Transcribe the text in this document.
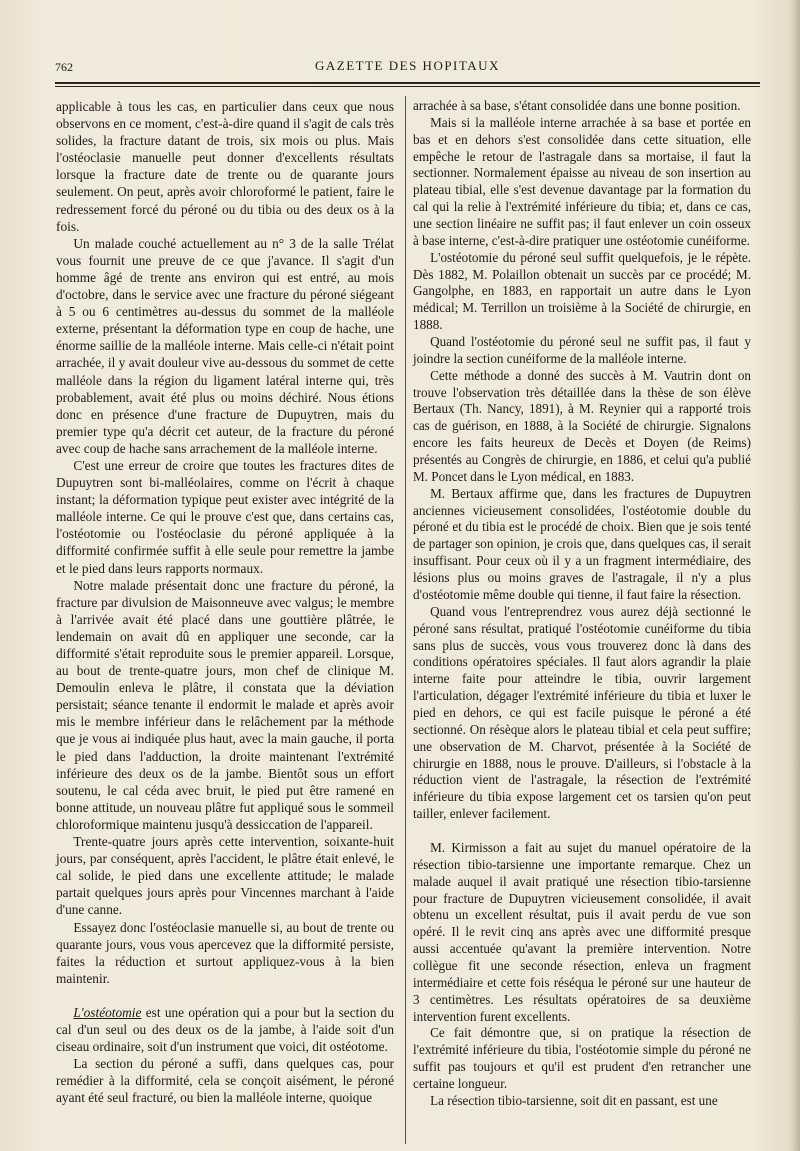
762	GAZETTE DES HOPITAUX

applicable à tous les cas, en particulier dans ceux que nous observons en ce moment, c'est-à-dire quand il s'agit de cals très solides, la fracture datant de trois, six mois ou plus. Mais l'ostéoclasie manuelle peut donner d'excellents résultats lorsque la fracture date de trente ou de quarante jours seulement. On peut, après avoir chloroformé le patient, faire le redressement forcé du péroné ou du tibia ou des deux os à la fois.

Un malade couché actuellement au n° 3 de la salle Trélat vous fournit une preuve de ce que j'avance. Il s'agit d'un homme âgé de trente ans environ qui est entré, au mois d'octobre, dans le service avec une fracture du péroné siégeant à 5 ou 6 centimètres au-dessus du sommet de la malléole externe, présentant la déformation type en coup de hache, une énorme saillie de la malléole interne. Mais celle-ci n'était point arrachée, il y avait douleur vive au-dessous du sommet de cette malléole dans la région du ligament latéral interne qui, très probablement, avait été plus ou moins déchiré. Nous étions donc en présence d'une fracture de Dupuytren, mais du premier type qu'a décrit cet auteur, de la fracture du péroné avec coup de hache sans arrachement de la malléole interne.

C'est une erreur de croire que toutes les fractures dites de Dupuytren sont bi-malléolaires, comme on l'écrit à chaque instant; la déformation typique peut exister avec intégrité de la malléole interne. Ce qui le prouve c'est que, dans certains cas, l'ostéotomie ou l'ostéoclasie du péroné appliquée à la difformité confirmée suffit à elle seule pour remettre la jambe et le pied dans leurs rapports normaux.

Notre malade présentait donc une fracture du péroné, la fracture par divulsion de Maisonneuve avec valgus; le membre à l'arrivée avait été placé dans une gouttière plâtrée, le lendemain on avait dû en appliquer une seconde, car la difformité s'était reproduite sous le premier appareil. Lorsque, au bout de trente-quatre jours, mon chef de clinique M. Demoulin enleva le plâtre, il constata que la déviation persistait; séance tenante il endormit le malade et après avoir mis le membre inférieur dans le relâchement par la méthode que je vous ai indiquée plus haut, avec la main gauche, il porta le pied dans l'adduction, la droite maintenant l'extrémité inférieure des deux os de la jambe. Bientôt sous un effort soutenu, le cal céda avec bruit, le pied put être ramené en bonne attitude, un nouveau plâtre fut appliqué sous le sommeil chloroformique maintenu jusqu'à dessiccation de l'appareil.

Trente-quatre jours après cette intervention, soixante-huit jours, par conséquent, après l'accident, le plâtre était enlevé, le cal solide, le pied dans une excellente attitude; le malade partait quelques jours après pour Vincennes marchant à l'aide d'une canne.

Essayez donc l'ostéoclasie manuelle si, au bout de trente ou quarante jours, vous vous apercevez que la difformité persiste, faites la réduction et surtout appliquez-vous à la bien maintenir.

L'ostéotomie est une opération qui a pour but la section du cal d'un seul ou des deux os de la jambe, à l'aide soit d'un ciseau ordinaire, soit d'un instrument que voici, dit ostéotome.

La section du péroné a suffi, dans quelques cas, pour remédier à la difformité, cela se conçoit aisément, le péroné ayant été seul fracturé, ou bien la malléole interne, quoique

arrachée à sa base, s'étant consolidée dans une bonne position.

Mais si la malléole interne arrachée à sa base et portée en bas et en dehors s'est consolidée dans cette situation, elle empêche le retour de l'astragale dans sa mortaise, il faut la sectionner. Normalement épaisse au niveau de son insertion au plateau tibial, elle s'est devenue davantage par la formation du cal qui la relie à l'extrémité inférieure du tibia; et, dans ce cas, une section linéaire ne suffit pas; il faut enlever un coin osseux à base interne, c'est-à-dire pratiquer une ostéotomie cunéiforme.

L'ostéotomie du péroné seul suffit quelquefois, je le répète. Dès 1882, M. Polaillon obtenait un succès par ce procédé; M. Gangolphe, en 1883, en rapportait un autre dans le Lyon médical; M. Terrillon un troisième à la Société de chirurgie, en 1888.

Quand l'ostéotomie du péroné seul ne suffit pas, il faut y joindre la section cunéiforme de la malléole interne.

Cette méthode a donné des succès à M. Vautrin dont on trouve l'observation très détaillée dans la thèse de son élève Bertaux (Th. Nancy, 1891), à M. Reynier qui a rapporté trois cas de guérison, en 1888, à la Société de chirurgie. Signalons encore les faits heureux de Decès et Doyen (de Reims) présentés au Congrès de chirurgie, en 1886, et celui qu'a publié M. Poncet dans le Lyon médical, en 1883.

M. Bertaux affirme que, dans les fractures de Dupuytren anciennes vicieusement consolidées, l'ostéotomie double du péroné et du tibia est le procédé de choix. Bien que je sois tenté de partager son opinion, je crois que, dans quelques cas, il serait insuffisant. Pour ceux où il y a un fragment intermédiaire, des lésions plus ou moins graves de l'astragale, il n'y a plus d'ostéotomie même double qui tienne, il faut faire la résection.

Quand vous l'entreprendrez vous aurez déjà sectionné le péroné sans résultat, pratiqué l'ostéotomie cunéiforme du tibia sans plus de succès, vous vous trouverez donc là dans des conditions opératoires spéciales. Il faut alors agrandir la plaie interne faite pour atteindre le tibia, ouvrir largement l'articulation, dégager l'extrémité inférieure du tibia et luxer le pied en dehors, ce qui est facile puisque le péroné a été sectionné. On résèque alors le plateau tibial et cela peut suffire; une observation de M. Charvot, présentée à la Société de chirurgie en 1888, nous le prouve. D'ailleurs, si l'obstacle à la réduction vient de l'astragale, la résection de l'extrémité inférieure du tibia expose largement cet os tarsien qu'on peut tailler, enlever facilement.

M. Kirmisson a fait au sujet du manuel opératoire de la résection tibio-tarsienne une importante remarque. Chez un malade auquel il avait pratiqué une résection tibio-tarsienne pour fracture de Dupuytren vicieusement consolidée, il avait obtenu un excellent résultat, puis il avait perdu de vue son opéré. Il le revit cinq ans après avec une difformité presque aussi accentuée qu'avant la première intervention. Notre collègue fit une seconde résection, enleva un fragment intermédiaire et cette fois réséqua le péroné sur une hauteur de 3 centimètres. Les résultats opératoires de sa deuxième intervention furent excellents.

Ce fait démontre que, si on pratique la résection de l'extrémité inférieure du tibia, l'ostéotomie simple du péroné ne suffit pas toujours et qu'il est prudent d'en retrancher une certaine longueur.

La résection tibio-tarsienne, soit dit en passant, est une
